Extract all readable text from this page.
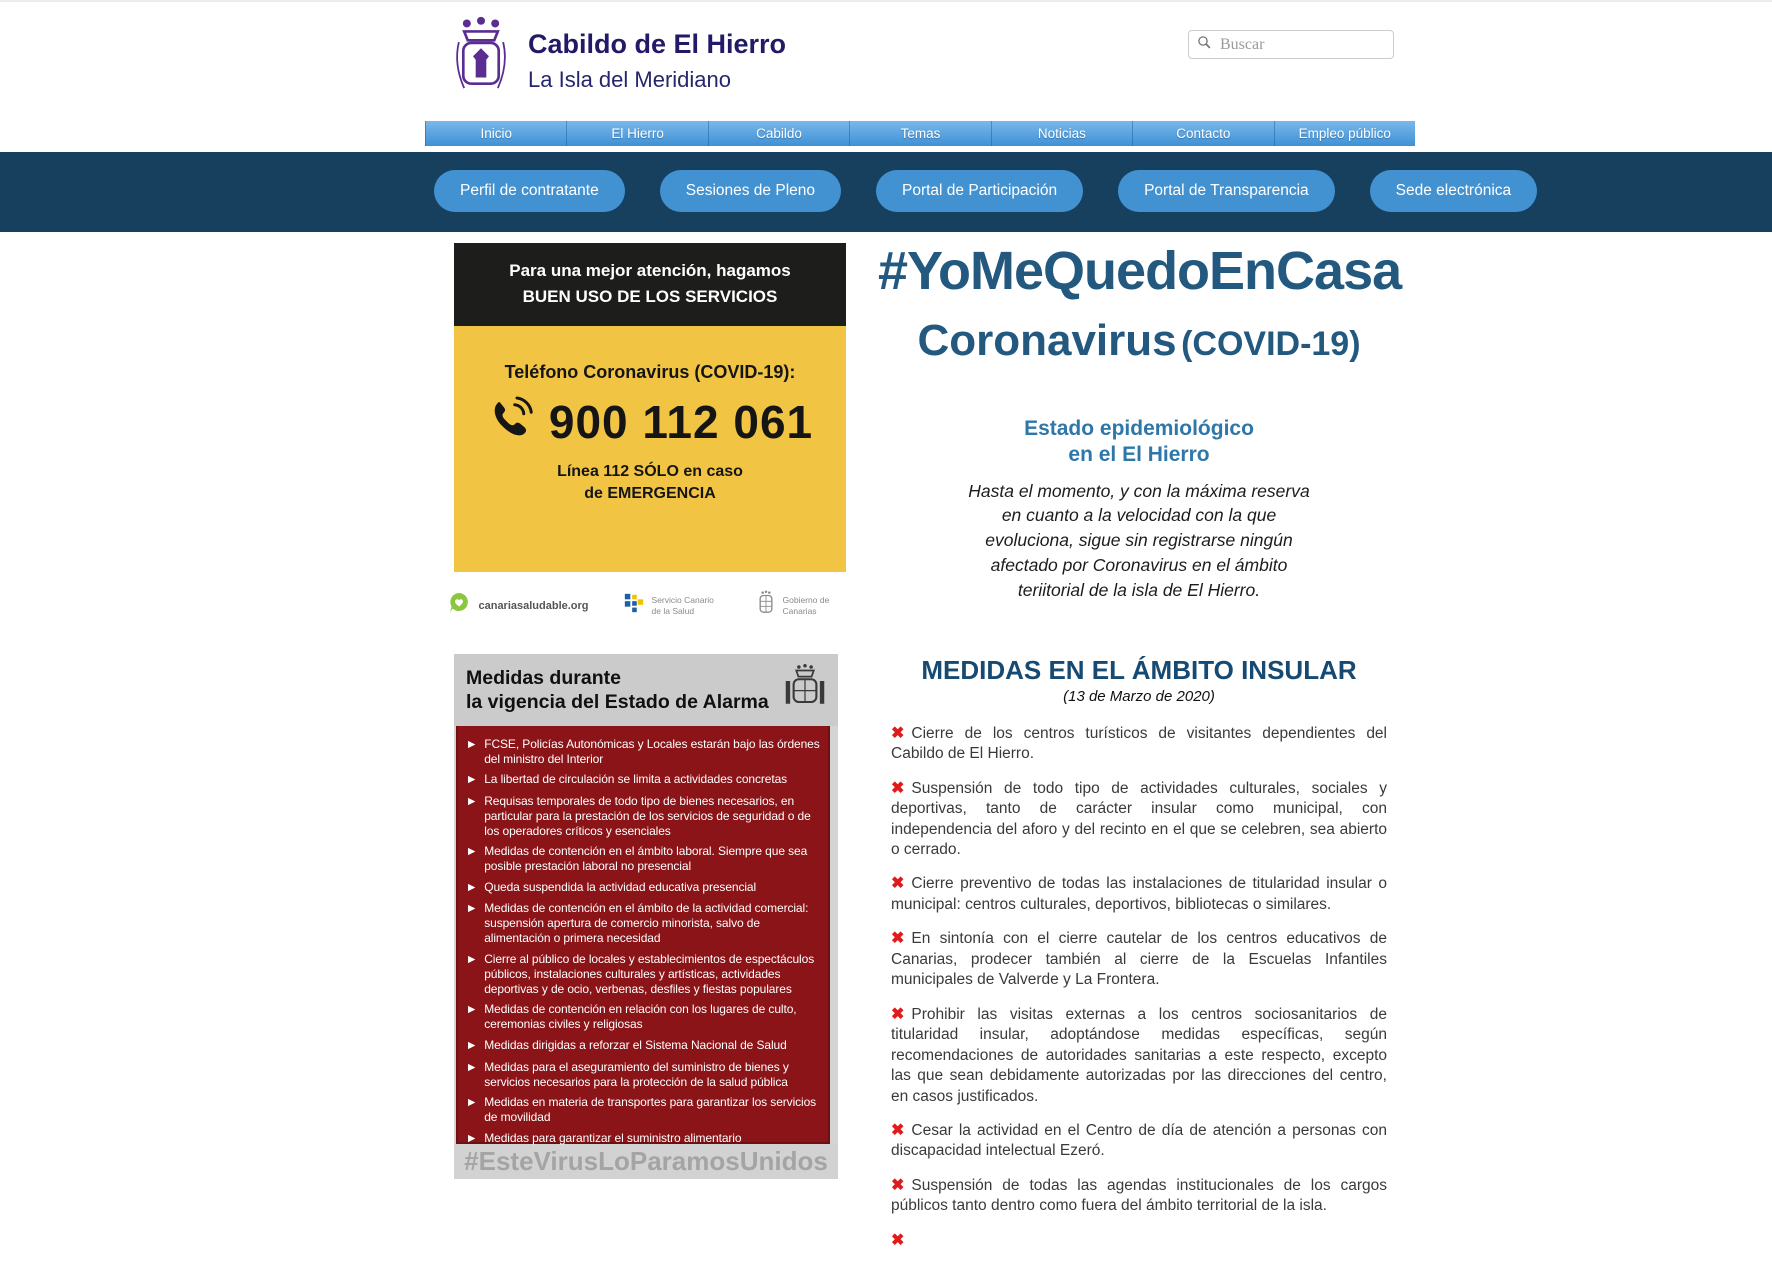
Cabildo de El Hierro
La Isla del Meridiano
Buscar
Inicio	El Hierro	Cabildo	Temas	Noticias	Contacto	Empleo público
Perfil de contratante	Sesiones de Pleno	Portal de Participación	Portal de Transparencia	Sede electrónica
Para una mejor atención, hagamos
BUEN USO DE LOS SERVICIOS
Teléfono Coronavirus (COVID-19):
900 112 061
Línea 112 SÓLO en caso
de EMERGENCIA
canariasaludable.org	Servicio Canario de la Salud
Gobierno de Canarias
Medidas durante
la vigencia del Estado de Alarma
▶ FCSE, Policías Autonómicas y Locales estarán bajo las órdenes del ministro del Interior
▶ La libertad de circulación se limita a actividades concretas
▶ Requisas temporales de todo tipo de bienes necesarios, en particular para la prestación de los servicios de seguridad o de los operadores críticos y esenciales
▶ Medidas de contención en el ámbito laboral. Siempre que sea posible prestación laboral no presencial
▶ Queda suspendida la actividad educativa presencial
▶ Medidas de contención en el ámbito de la actividad comercial: suspensión apertura de comercio minorista, salvo de alimentación o primera necesidad
▶ Cierre al público de locales y establecimientos de espectáculos públicos, instalaciones culturales y artísticas, actividades deportivas y de ocio, verbenas, desfiles y fiestas populares
▶ Medidas de contención en relación con los lugares de culto, ceremonias civiles y religiosas
▶ Medidas dirigidas a reforzar el Sistema Nacional de Salud
▶ Medidas para el aseguramiento del suministro de bienes y servicios necesarios para la protección de la salud pública
▶ Medidas en materia de transportes para garantizar los servicios de movilidad
▶ Medidas para garantizar el suministro alimentario
#EsteVirusLoParamosUnidos
#YoMeQuedoEnCasa
Coronavirus (COVID-19)
Estado epidemiológico
en el El Hierro
Hasta el momento, y con la máxima reserva en cuanto a la velocidad con la que evoluciona, sigue sin registrarse ningún afectado por Coronavirus en el ámbito teriitorial de la isla de El Hierro.
MEDIDAS EN EL ÁMBITO INSULAR
(13 de Marzo de 2020)

✖ Cierre de los centros turísticos de visitantes dependientes del Cabildo de El Hierro.

✖ Suspensión de todo tipo de actividades culturales, sociales y deportivas, tanto de carácter insular como municipal, con independencia del aforo y del recinto en el que se celebren, sea abierto o cerrado.

✖ Cierre preventivo de todas las instalaciones de titularidad insular o municipal: centros culturales, deportivos, bibliotecas o similares.

✖ En sintonía con el cierre cautelar de los centros educativos de Canarias, prodecer también al cierre de la Escuelas Infantiles municipales de Valverde y La Frontera.

✖ Prohibir las visitas externas a los centros sociosanitarios de titularidad insular, adoptándose medidas específicas, según recomendaciones de autoridades sanitarias a este respecto, excepto las que sean debidamente autorizadas por las direcciones del centro, en casos justificados.

✖ Cesar la actividad en el Centro de día de atención a personas con discapacidad intelectual Ezeró.

✖ Suspensión de todas las agendas institucionales de los cargos públicos tanto dentro como fuera del ámbito territorial de la isla.

✖
